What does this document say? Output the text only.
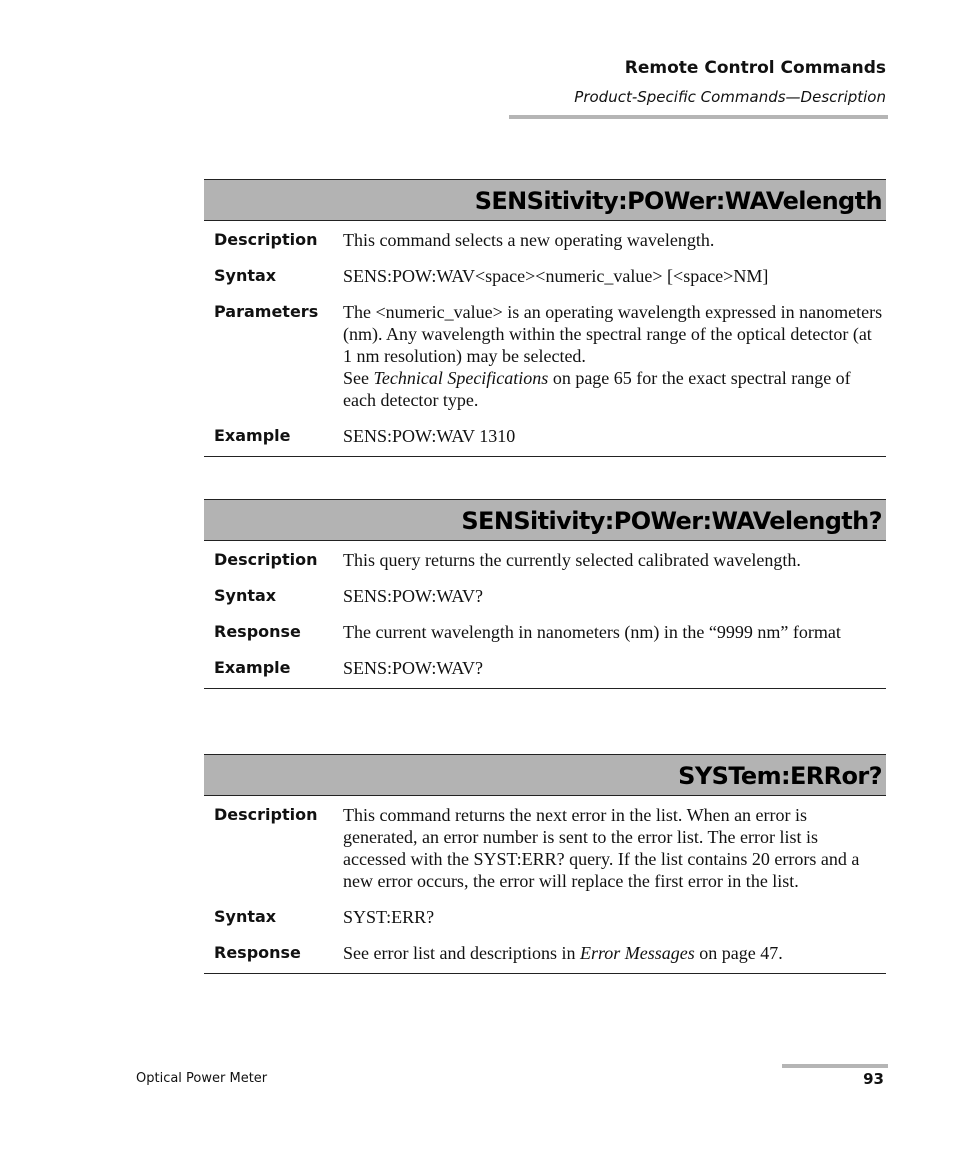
Remote Control Commands
Product-Specific Commands—Description
SENSitivity:POWer:WAVelength
Description	This command selects a new operating wavelength.
Syntax	SENS:POW:WAV<space><numeric_value> [<space>NM]
Parameters	The <numeric_value> is an operating wavelength expressed in nanometers (nm). Any wavelength within the spectral range of the optical detector (at 1 nm resolution) may be selected.
See Technical Specifications on page 65 for the exact spectral range of each detector type.
Example	SENS:POW:WAV 1310
SENSitivity:POWer:WAVelength?
Description	This query returns the currently selected calibrated wavelength.
Syntax	SENS:POW:WAV?
Response	The current wavelength in nanometers (nm) in the “9999 nm” format
Example	SENS:POW:WAV?
SYSTem:ERRor?
Description	This command returns the next error in the list. When an error is generated, an error number is sent to the error list. The error list is accessed with the SYST:ERR? query. If the list contains 20 errors and a new error occurs, the error will replace the first error in the list.
Syntax	SYST:ERR?
Response	See error list and descriptions in Error Messages on page 47.
Optical Power Meter	93
